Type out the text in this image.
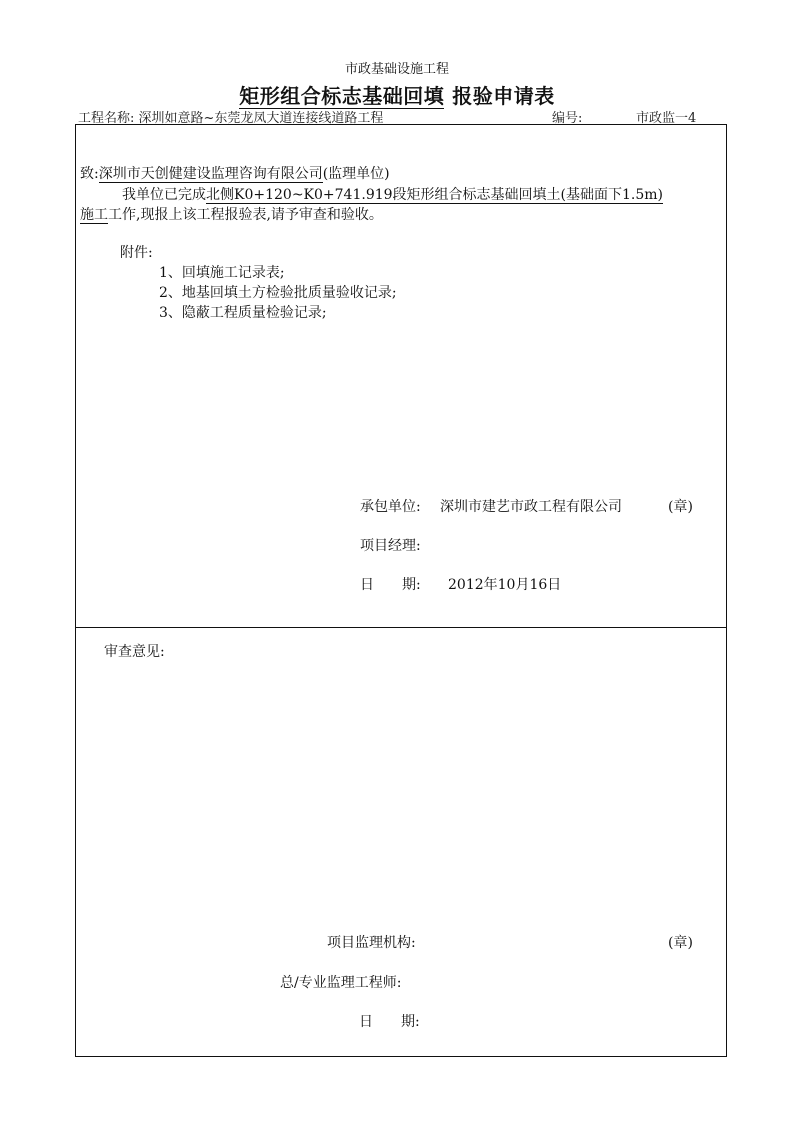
市政基础设施工程
矩形组合标志基础回填 报验申请表
工程名称: 深圳如意路~东莞龙凤大道连接线道路工程	编号:	市政监一4
致:深圳市天创健建设监理咨询有限公司(监理单位)
我单位已完成北侧K0+120~K0+741.919段矩形组合标志基础回填土(基础面下1.5m)
施工工作,现报上该工程报验表,请予审查和验收。
附件:
1、回填施工记录表;
2、地基回填土方检验批质量验收记录;
3、隐蔽工程质量检验记录;
承包单位: 深圳市建艺市政工程有限公司	(章)
项目经理:
日　　期: 2012年10月16日
审查意见:
项目监理机构:	(章)
总/专业监理工程师:
日　　期:
